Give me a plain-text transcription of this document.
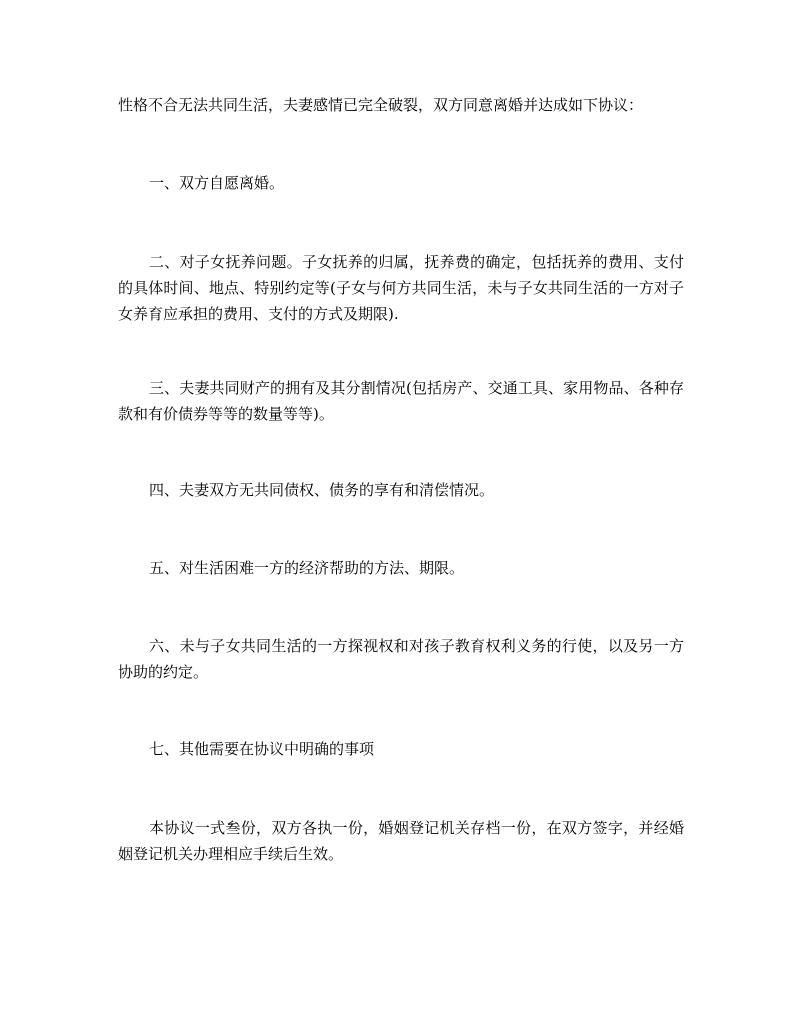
性格不合无法共同生活，夫妻感情已完全破裂，双方同意离婚并达成如下协议：

一、双方自愿离婚。

二、对子女抚养问题。子女抚养的归属，抚养费的确定，包括抚养的费用、支付的具体时间、地点、特别约定等(子女与何方共同生活，未与子女共同生活的一方对子女养育应承担的费用、支付的方式及期限).

三、夫妻共同财产的拥有及其分割情况(包括房产、交通工具、家用物品、各种存款和有价债券等等的数量等等)。

四、夫妻双方无共同债权、债务的享有和清偿情况。

五、对生活困难一方的经济帮助的方法、期限。

六、未与子女共同生活的一方探视权和对孩子教育权利义务的行使，以及另一方协助的约定。

七、其他需要在协议中明确的事项

本协议一式叁份，双方各执一份，婚姻登记机关存档一份，在双方签字，并经婚姻登记机关办理相应手续后生效。
